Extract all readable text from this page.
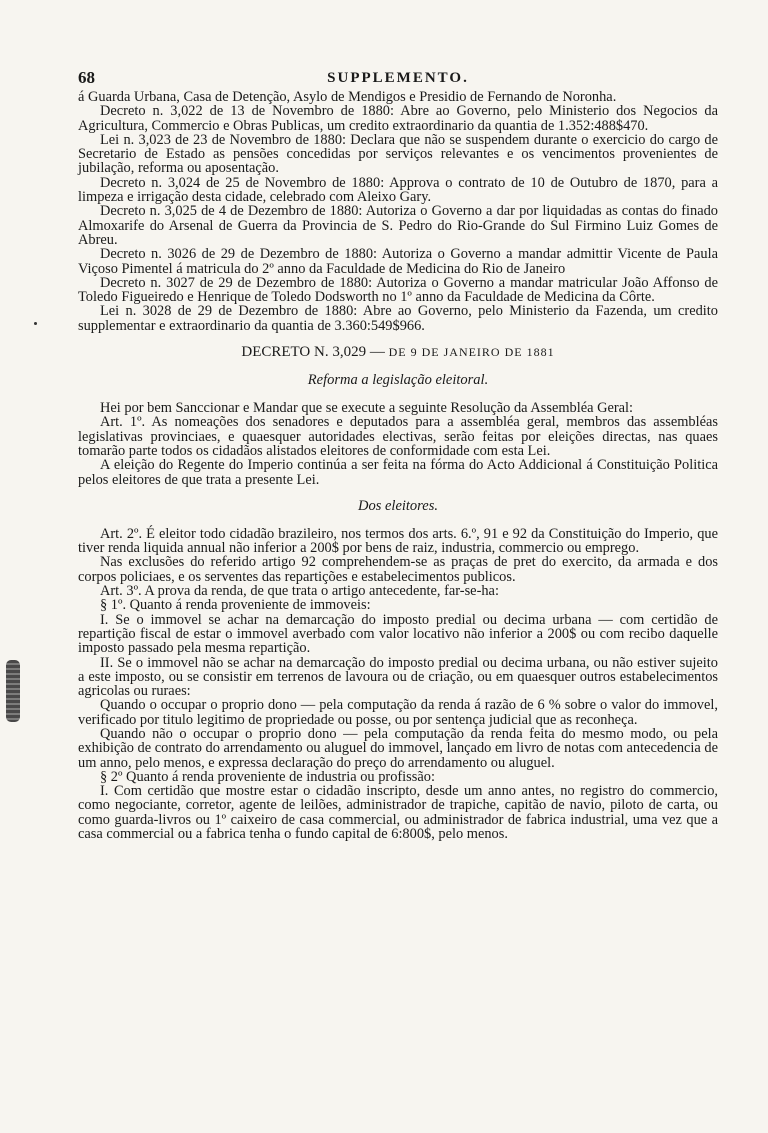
68	SUPPLEMENTO.

á Guarda Urbana, Casa de Detenção, Asylo de Mendigos e Presidio de Fernando de Noronha.

Decreto n. 3,022 de 13 de Novembro de 1880: Abre ao Governo, pelo Ministerio dos Negocios da Agricultura, Commercio e Obras Publicas, um credito extraordinario da quantia de 1.352:488$470.

Lei n. 3,023 de 23 de Novembro de 1880: Declara que não se suspendem durante o exercicio do cargo de Secretario de Estado as pensões concedidas por serviços relevantes e os vencimentos provenientes de jubilação, reforma ou aposentação.

Decreto n. 3,024 de 25 de Novembro de 1880: Approva o contrato de 10 de Outubro de 1870, para a limpeza e irrigação desta cidade, celebrado com Aleixo Gary.

Decreto n. 3,025 de 4 de Dezembro de 1880: Autoriza o Governo a dar por liquidadas as contas do finado Almoxarife do Arsenal de Guerra da Provincia de S. Pedro do Rio-Grande do Sul Firmino Luiz Gomes de Abreu.

Decreto n. 3026 de 29 de Dezembro de 1880: Autoriza o Governo a mandar admittir Vicente de Paula Viçoso Pimentel á matricula do 2º anno da Faculdade de Medicina do Rio de Janeiro

Decreto n. 3027 de 29 de Dezembro de 1880: Autoriza o Governo a mandar matricular João Affonso de Toledo Figueiredo e Henrique de Toledo Dodsworth no 1º anno da Faculdade de Medicina da Côrte.

Lei n. 3028 de 29 de Dezembro de 1880: Abre ao Governo, pelo Ministerio da Fazenda, um credito supplementar e extraordinario da quantia de 3.360:549$966.

DECRETO N. 3,029 — DE 9 DE JANEIRO DE 1881
Reforma a legislação eleitoral.

Hei por bem Sanccionar e Mandar que se execute a seguinte Resolução da Assembléa Geral:

Art. 1º. As nomeações dos senadores e deputados para a assembléa geral, membros das assembléas legislativas provinciaes, e quaesquer autoridades electivas, serão feitas por eleições directas, nas quaes tomarão parte todos os cidadãos alistados eleitores de conformidade com esta Lei.

A eleição do Regente do Imperio continúa a ser feita na fórma do Acto Addicional á Constituição Politica pelos eleitores de que trata a presente Lei.

Dos eleitores.

Art. 2º. É eleitor todo cidadão brazileiro, nos termos dos arts. 6.º, 91 e 92 da Constituição do Imperio, que tiver renda liquida annual não inferior a 200$ por bens de raiz, industria, commercio ou emprego.

Nas exclusões do referido artigo 92 comprehendem-se as praças de pret do exercito, da armada e dos corpos policiaes, e os serventes das repartições e estabelecimentos publicos.

Art. 3º. A prova da renda, de que trata o artigo antecedente, far-se-ha:

§ 1º. Quanto á renda proveniente de immoveis:

I. Se o immovel se achar na demarcação do imposto predial ou decima urbana — com certidão de repartição fiscal de estar o immovel averbado com valor locativo não inferior a 200$ ou com recibo daquelle imposto passado pela mesma repartição.

II. Se o immovel não se achar na demarcação do imposto predial ou decima urbana, ou não estiver sujeito a este imposto, ou se consistir em terrenos de lavoura ou de criação, ou em quaesquer outros estabelecimentos agricolas ou ruraes:

Quando o occupar o proprio dono — pela computação da renda á razão de 6 % sobre o valor do immovel, verificado por titulo legitimo de propriedade ou posse, ou por sentença judicial que as reconheça.

Quando não o occupar o proprio dono — pela computação da renda feita do mesmo modo, ou pela exhibição de contrato do arrendamento ou aluguel do immovel, lançado em livro de notas com antecedencia de um anno, pelo menos, e expressa declaração do preço do arrendamento ou aluguel.

§ 2º Quanto á renda proveniente de industria ou profissão:

I. Com certidão que mostre estar o cidadão inscripto, desde um anno antes, no registro do commercio, como negociante, corretor, agente de leilões, administrador de trapiche, capitão de navio, piloto de carta, ou como guarda-livros ou 1º caixeiro de casa commercial, ou administrador de fabrica industrial, uma vez que a casa commercial ou a fabrica tenha o fundo capital de 6:800$, pelo menos.
